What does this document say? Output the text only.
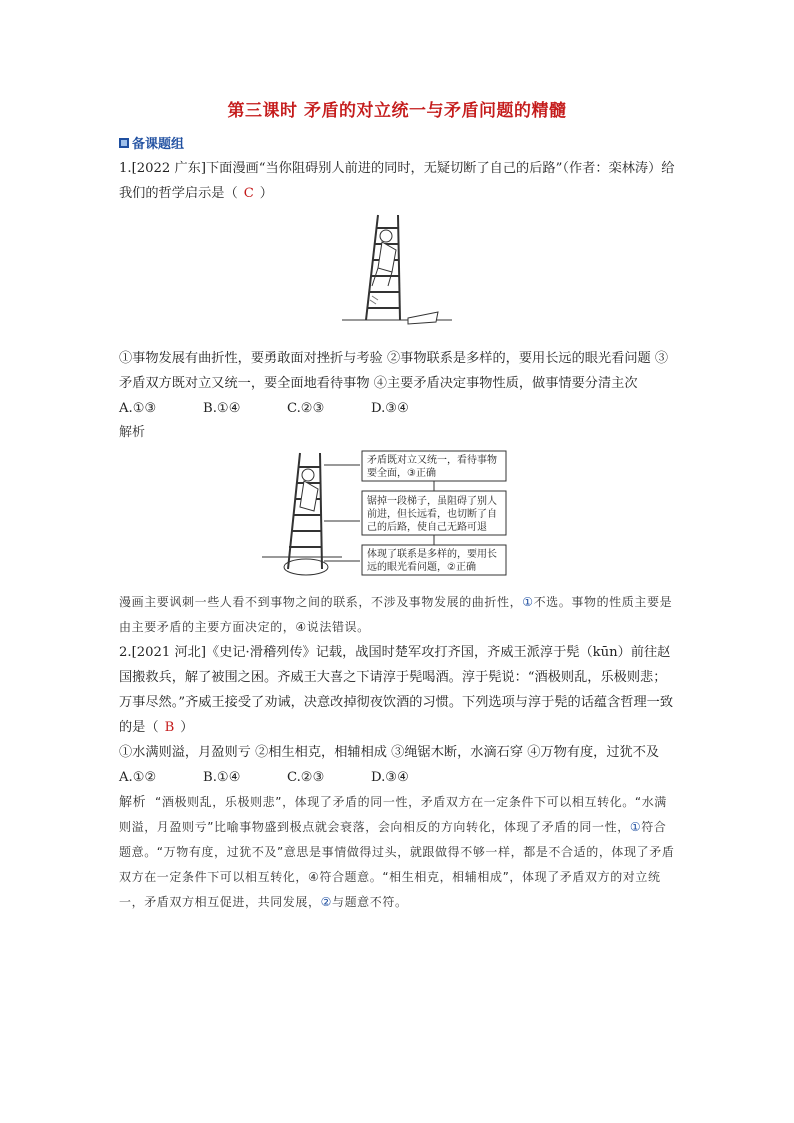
第三课时 矛盾的对立统一与矛盾问题的精髓
备课题组

1.[2022 广东]下面漫画“当你阻碍别人前进的同时，无疑切断了自己的后路”（作者：栾林涛）给我们的哲学启示是（ C ）

①事物发展有曲折性，要勇敢面对挫折与考验 ②事物联系是多样的，要用长远的眼光看问题 ③矛盾双方既对立又统一，要全面地看待事物 ④主要矛盾决定事物性质，做事情要分清主次

A.①③	B.①④	C.②③	D.③④
解析
矛盾既对立又统一，看待事物
要全面，③正确
锯掉一段梯子，虽阻碍了别人
前进，但长远看，也切断了自
己的后路，使自己无路可退
体现了联系是多样的，要用长
远的眼光看问题，②正确

漫画主要讽刺一些人看不到事物之间的联系，不涉及事物发展的曲折性，①不选。事物的性质主要是由主要矛盾的主要方面决定的，④说法错误。

2.[2021 河北]《史记·滑稽列传》记载，战国时楚军攻打齐国，齐威王派淳于髡（kūn）前往赵国搬救兵，解了被围之困。齐威王大喜之下请淳于髡喝酒。淳于髡说：“酒极则乱，乐极则悲；万事尽然。”齐威王接受了劝诫，决意改掉彻夜饮酒的习惯。下列选项与淳于髡的话蕴含哲理一致的是（ B ）

①水满则溢，月盈则亏 ②相生相克，相辅相成 ③绳锯木断，水滴石穿 ④万物有度，过犹不及

A.①②	B.①④	C.②③	D.③④

解析 “酒极则乱，乐极则悲”，体现了矛盾的同一性，矛盾双方在一定条件下可以相互转化。“水满则溢，月盈则亏”比喻事物盛到极点就会衰落，会向相反的方向转化，体现了矛盾的同一性，①符合题意。“万物有度，过犹不及”意思是事情做得过头，就跟做得不够一样，都是不合适的，体现了矛盾双方在一定条件下可以相互转化，④符合题意。“相生相克，相辅相成”，体现了矛盾双方的对立统一，矛盾双方相互促进，共同发展，②与题意不符。
